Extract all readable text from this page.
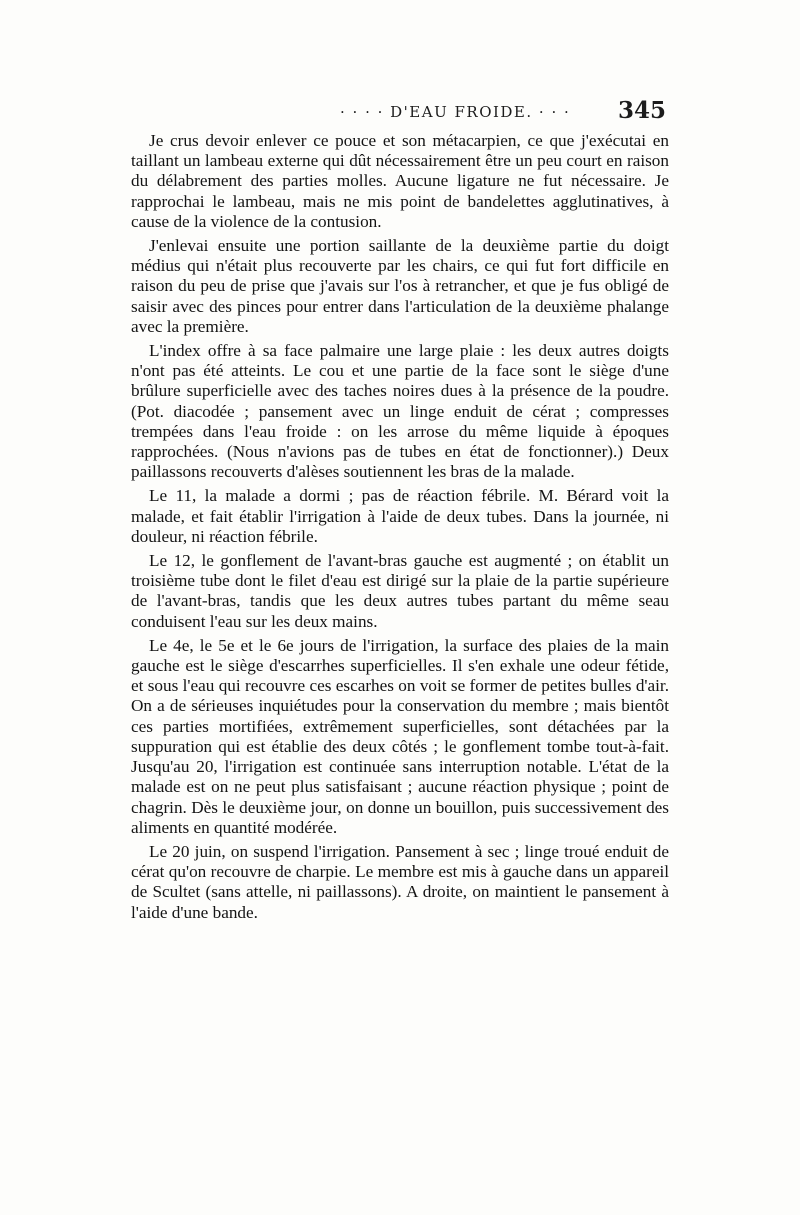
· · · · D'EAU FROIDE. · · · 345

Je crus devoir enlever ce pouce et son métacarpien, ce que j'exécutai en taillant un lambeau externe qui dût nécessairement être un peu court en raison du délabrement des parties molles. Aucune ligature ne fut nécessaire. Je rapprochai le lambeau, mais ne mis point de bandelettes agglutinatives, à cause de la violence de la contusion.

J'enlevai ensuite une portion saillante de la deuxième partie du doigt médius qui n'était plus recouverte par les chairs, ce qui fut fort difficile en raison du peu de prise que j'avais sur l'os à retrancher, et que je fus obligé de saisir avec des pinces pour entrer dans l'articulation de la deuxième phalange avec la première.

L'index offre à sa face palmaire une large plaie : les deux autres doigts n'ont pas été atteints. Le cou et une partie de la face sont le siège d'une brûlure superficielle avec des taches noires dues à la présence de la poudre. (Pot. diacodée ; pansement avec un linge enduit de cérat ; compresses trempées dans l'eau froide : on les arrose du même liquide à époques rapprochées. (Nous n'avions pas de tubes en état de fonctionner).) Deux paillassons recouverts d'alèses soutiennent les bras de la malade.

Le 11, la malade a dormi ; pas de réaction fébrile. M. Bérard voit la malade, et fait établir l'irrigation à l'aide de deux tubes. Dans la journée, ni douleur, ni réaction fébrile.

Le 12, le gonflement de l'avant-bras gauche est augmenté ; on établit un troisième tube dont le filet d'eau est dirigé sur la plaie de la partie supérieure de l'avant-bras, tandis que les deux autres tubes partant du même seau conduisent l'eau sur les deux mains.

Le 4e, le 5e et le 6e jours de l'irrigation, la surface des plaies de la main gauche est le siège d'escarrhes superficielles. Il s'en exhale une odeur fétide, et sous l'eau qui recouvre ces escarhes on voit se former de petites bulles d'air. On a de sérieuses inquiétudes pour la conservation du membre ; mais bientôt ces parties mortifiées, extrêmement superficielles, sont détachées par la suppuration qui est établie des deux côtés ; le gonflement tombe tout-à-fait. Jusqu'au 20, l'irrigation est continuée sans interruption notable. L'état de la malade est on ne peut plus satisfaisant ; aucune réaction physique ; point de chagrin. Dès le deuxième jour, on donne un bouillon, puis successivement des aliments en quantité modérée.

Le 20 juin, on suspend l'irrigation. Pansement à sec ; linge troué enduit de cérat qu'on recouvre de charpie. Le membre est mis à gauche dans un appareil de Scultet (sans attelle, ni paillassons). A droite, on maintient le pansement à l'aide d'une bande.
